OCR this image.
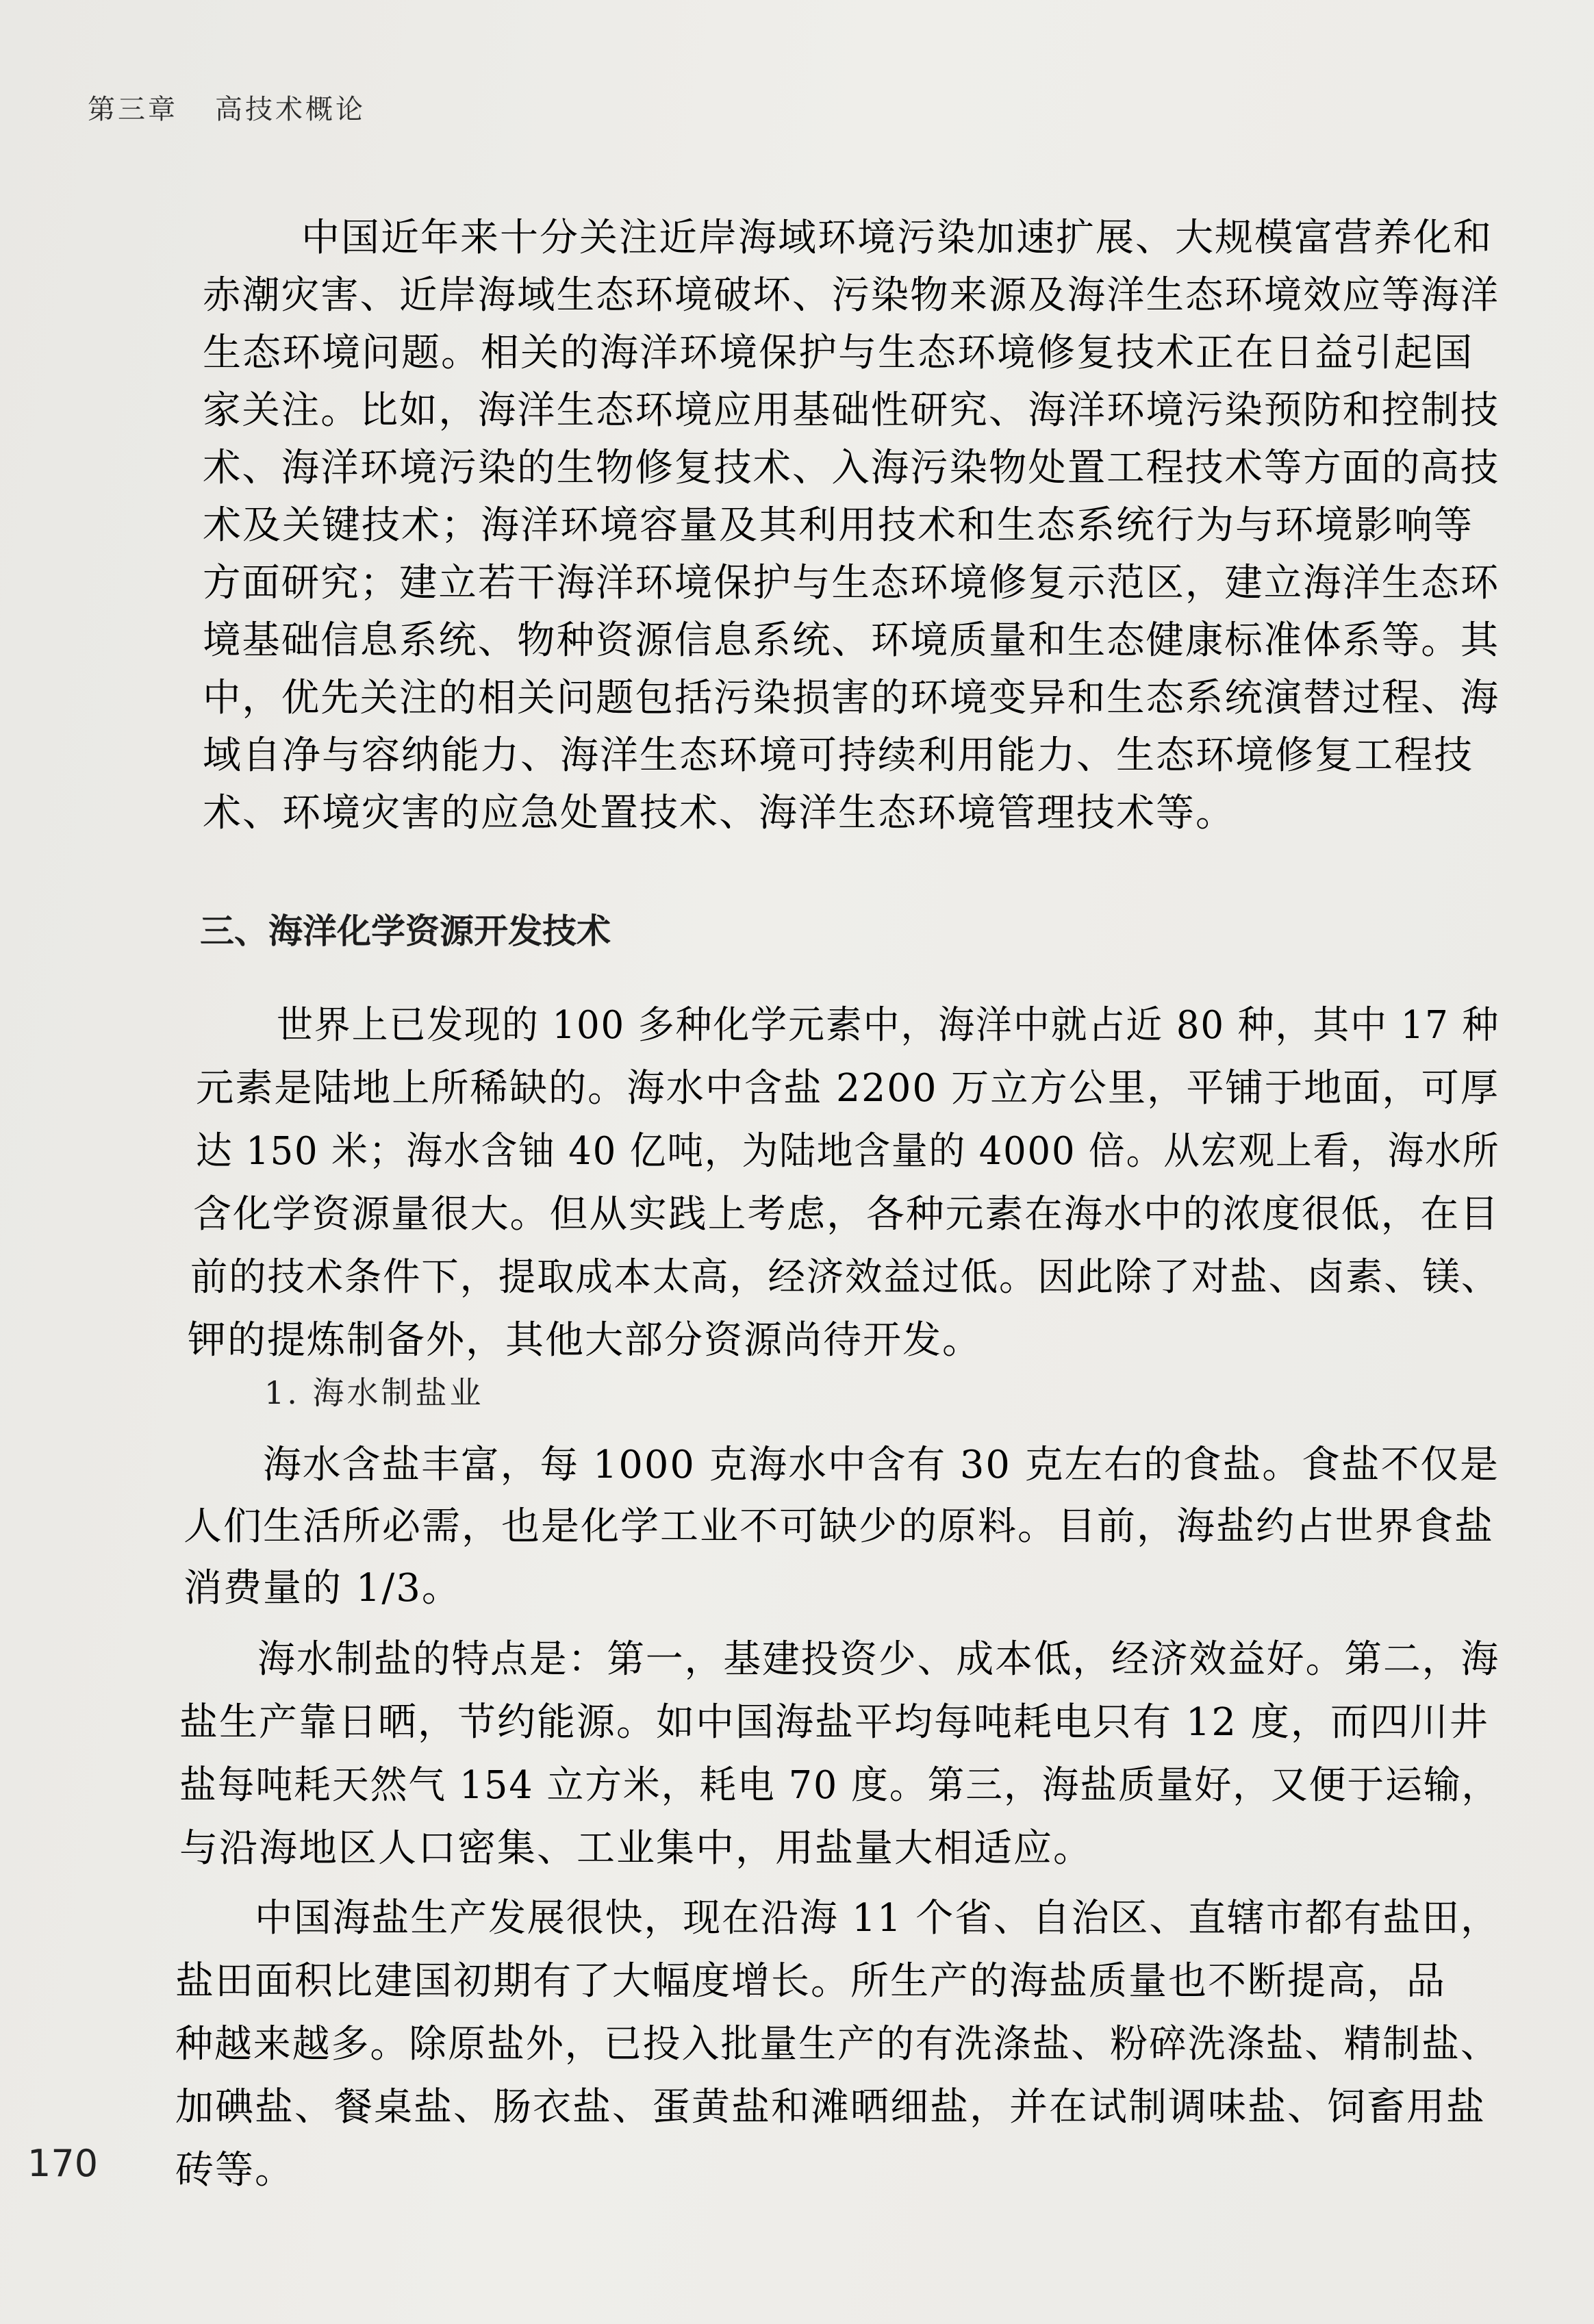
第三章 高技术概论
中国近年来十分关注近岸海域环境污染加速扩展、大规模富营养化和
赤潮灾害、近岸海域生态环境破坏、污染物来源及海洋生态环境效应等海洋
生态环境问题。相关的海洋环境保护与生态环境修复技术正在日益引起国
家关注。比如，海洋生态环境应用基础性研究、海洋环境污染预防和控制技
术、海洋环境污染的生物修复技术、入海污染物处置工程技术等方面的高技
术及关键技术；海洋环境容量及其利用技术和生态系统行为与环境影响等
方面研究；建立若干海洋环境保护与生态环境修复示范区，建立海洋生态环
境基础信息系统、物种资源信息系统、环境质量和生态健康标准体系等。其
中，优先关注的相关问题包括污染损害的环境变异和生态系统演替过程、海
域自净与容纳能力、海洋生态环境可持续利用能力、生态环境修复工程技
术、环境灾害的应急处置技术、海洋生态环境管理技术等。
三、海洋化学资源开发技术
世界上已发现的 100 多种化学元素中，海洋中就占近 80 种，其中 17 种
元素是陆地上所稀缺的。海水中含盐 2200 万立方公里，平铺于地面，可厚
达 150 米；海水含铀 40 亿吨，为陆地含量的 4000 倍。从宏观上看，海水所
含化学资源量很大。但从实践上考虑，各种元素在海水中的浓度很低，在目
前的技术条件下，提取成本太高，经济效益过低。因此除了对盐、卤素、镁、
钾的提炼制备外，其他大部分资源尚待开发。
1. 海水制盐业
海水含盐丰富，每 1000 克海水中含有 30 克左右的食盐。食盐不仅是
人们生活所必需，也是化学工业不可缺少的原料。目前，海盐约占世界食盐
消费量的 1/3。
海水制盐的特点是：第一，基建投资少、成本低，经济效益好。第二，海
盐生产靠日晒，节约能源。如中国海盐平均每吨耗电只有 12 度，而四川井
盐每吨耗天然气 154 立方米，耗电 70 度。第三，海盐质量好，又便于运输，
与沿海地区人口密集、工业集中，用盐量大相适应。
中国海盐生产发展很快，现在沿海 11 个省、自治区、直辖市都有盐田，
盐田面积比建国初期有了大幅度增长。所生产的海盐质量也不断提高，品
种越来越多。除原盐外，已投入批量生产的有洗涤盐、粉碎洗涤盐、精制盐、
加碘盐、餐桌盐、肠衣盐、蛋黄盐和滩晒细盐，并在试制调味盐、饲畜用盐
砖等。
170
